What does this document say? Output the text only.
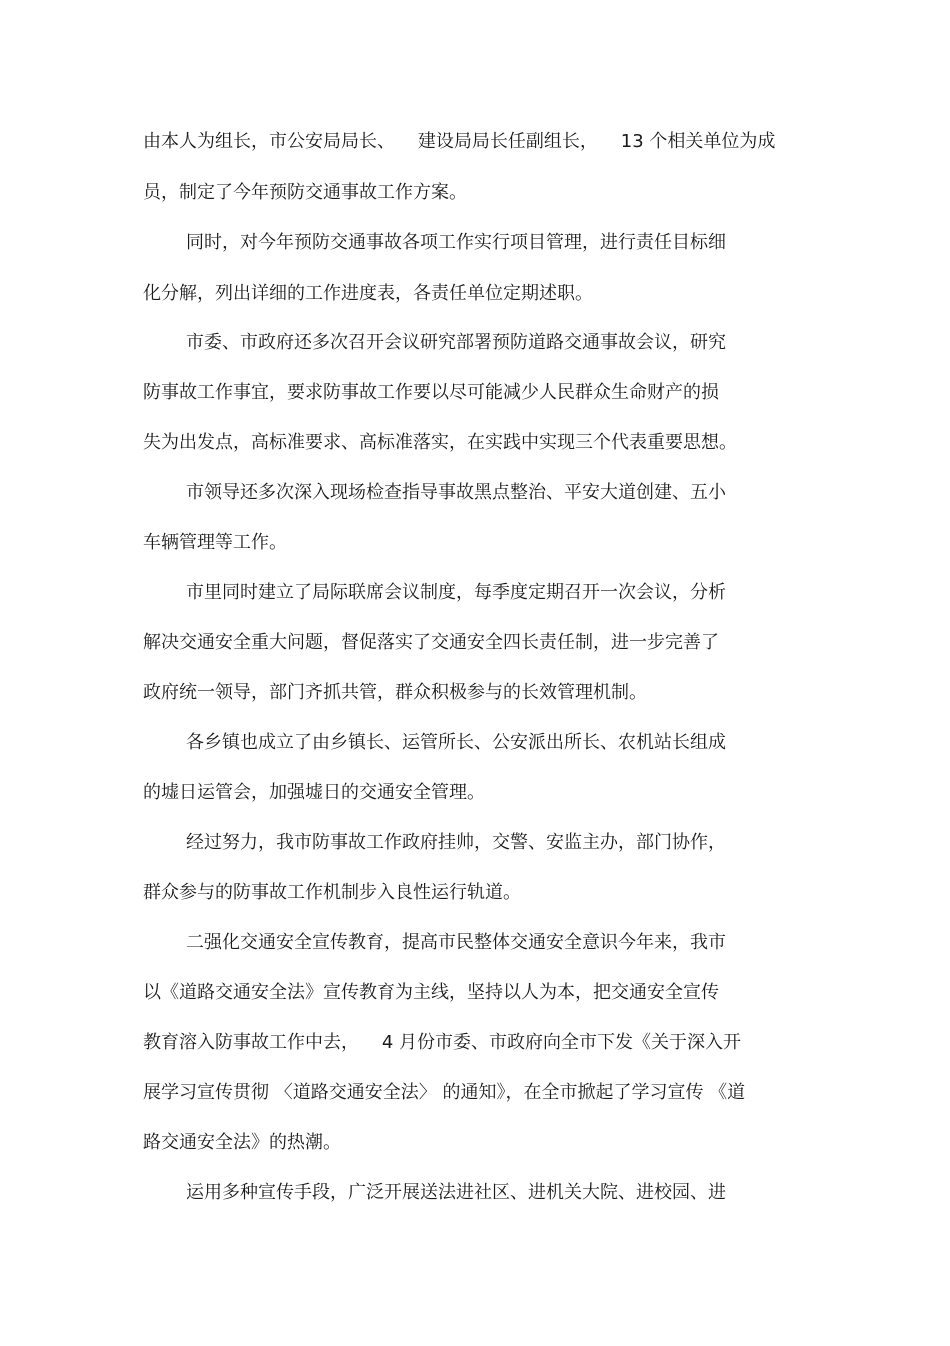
由本人为组长，市公安局局长、    建设局局长任副组长，    13 个相关单位为成
员，制定了今年预防交通事故工作方案。
同时，对今年预防交通事故各项工作实行项目管理，进行责任目标细
化分解，列出详细的工作进度表，各责任单位定期述职。
市委、市政府还多次召开会议研究部署预防道路交通事故会议，研究
防事故工作事宜，要求防事故工作要以尽可能减少人民群众生命财产的损
失为出发点，高标准要求、高标准落实，在实践中实现三个代表重要思想。
市领导还多次深入现场检查指导事故黑点整治、平安大道创建、五小
车辆管理等工作。
市里同时建立了局际联席会议制度，每季度定期召开一次会议，分析
解决交通安全重大问题，督促落实了交通安全四长责任制，进一步完善了
政府统一领导，部门齐抓共管，群众积极参与的长效管理机制。
各乡镇也成立了由乡镇长、运管所长、公安派出所长、农机站长组成
的墟日运管会，加强墟日的交通安全管理。
经过努力，我市防事故工作政府挂帅，交警、安监主办，部门协作，
群众参与的防事故工作机制步入良性运行轨道。
二强化交通安全宣传教育，提高市民整体交通安全意识今年来，我市
以《道路交通安全法》宣传教育为主线，坚持以人为本，把交通安全宣传
教育溶入防事故工作中去，    4 月份市委、市政府向全市下发《关于深入开
展学习宣传贯彻 〈道路交通安全法〉 的通知》，在全市掀起了学习宣传 《道
路交通安全法》的热潮。
运用多种宣传手段，广泛开展送法进社区、进机关大院、进校园、进
